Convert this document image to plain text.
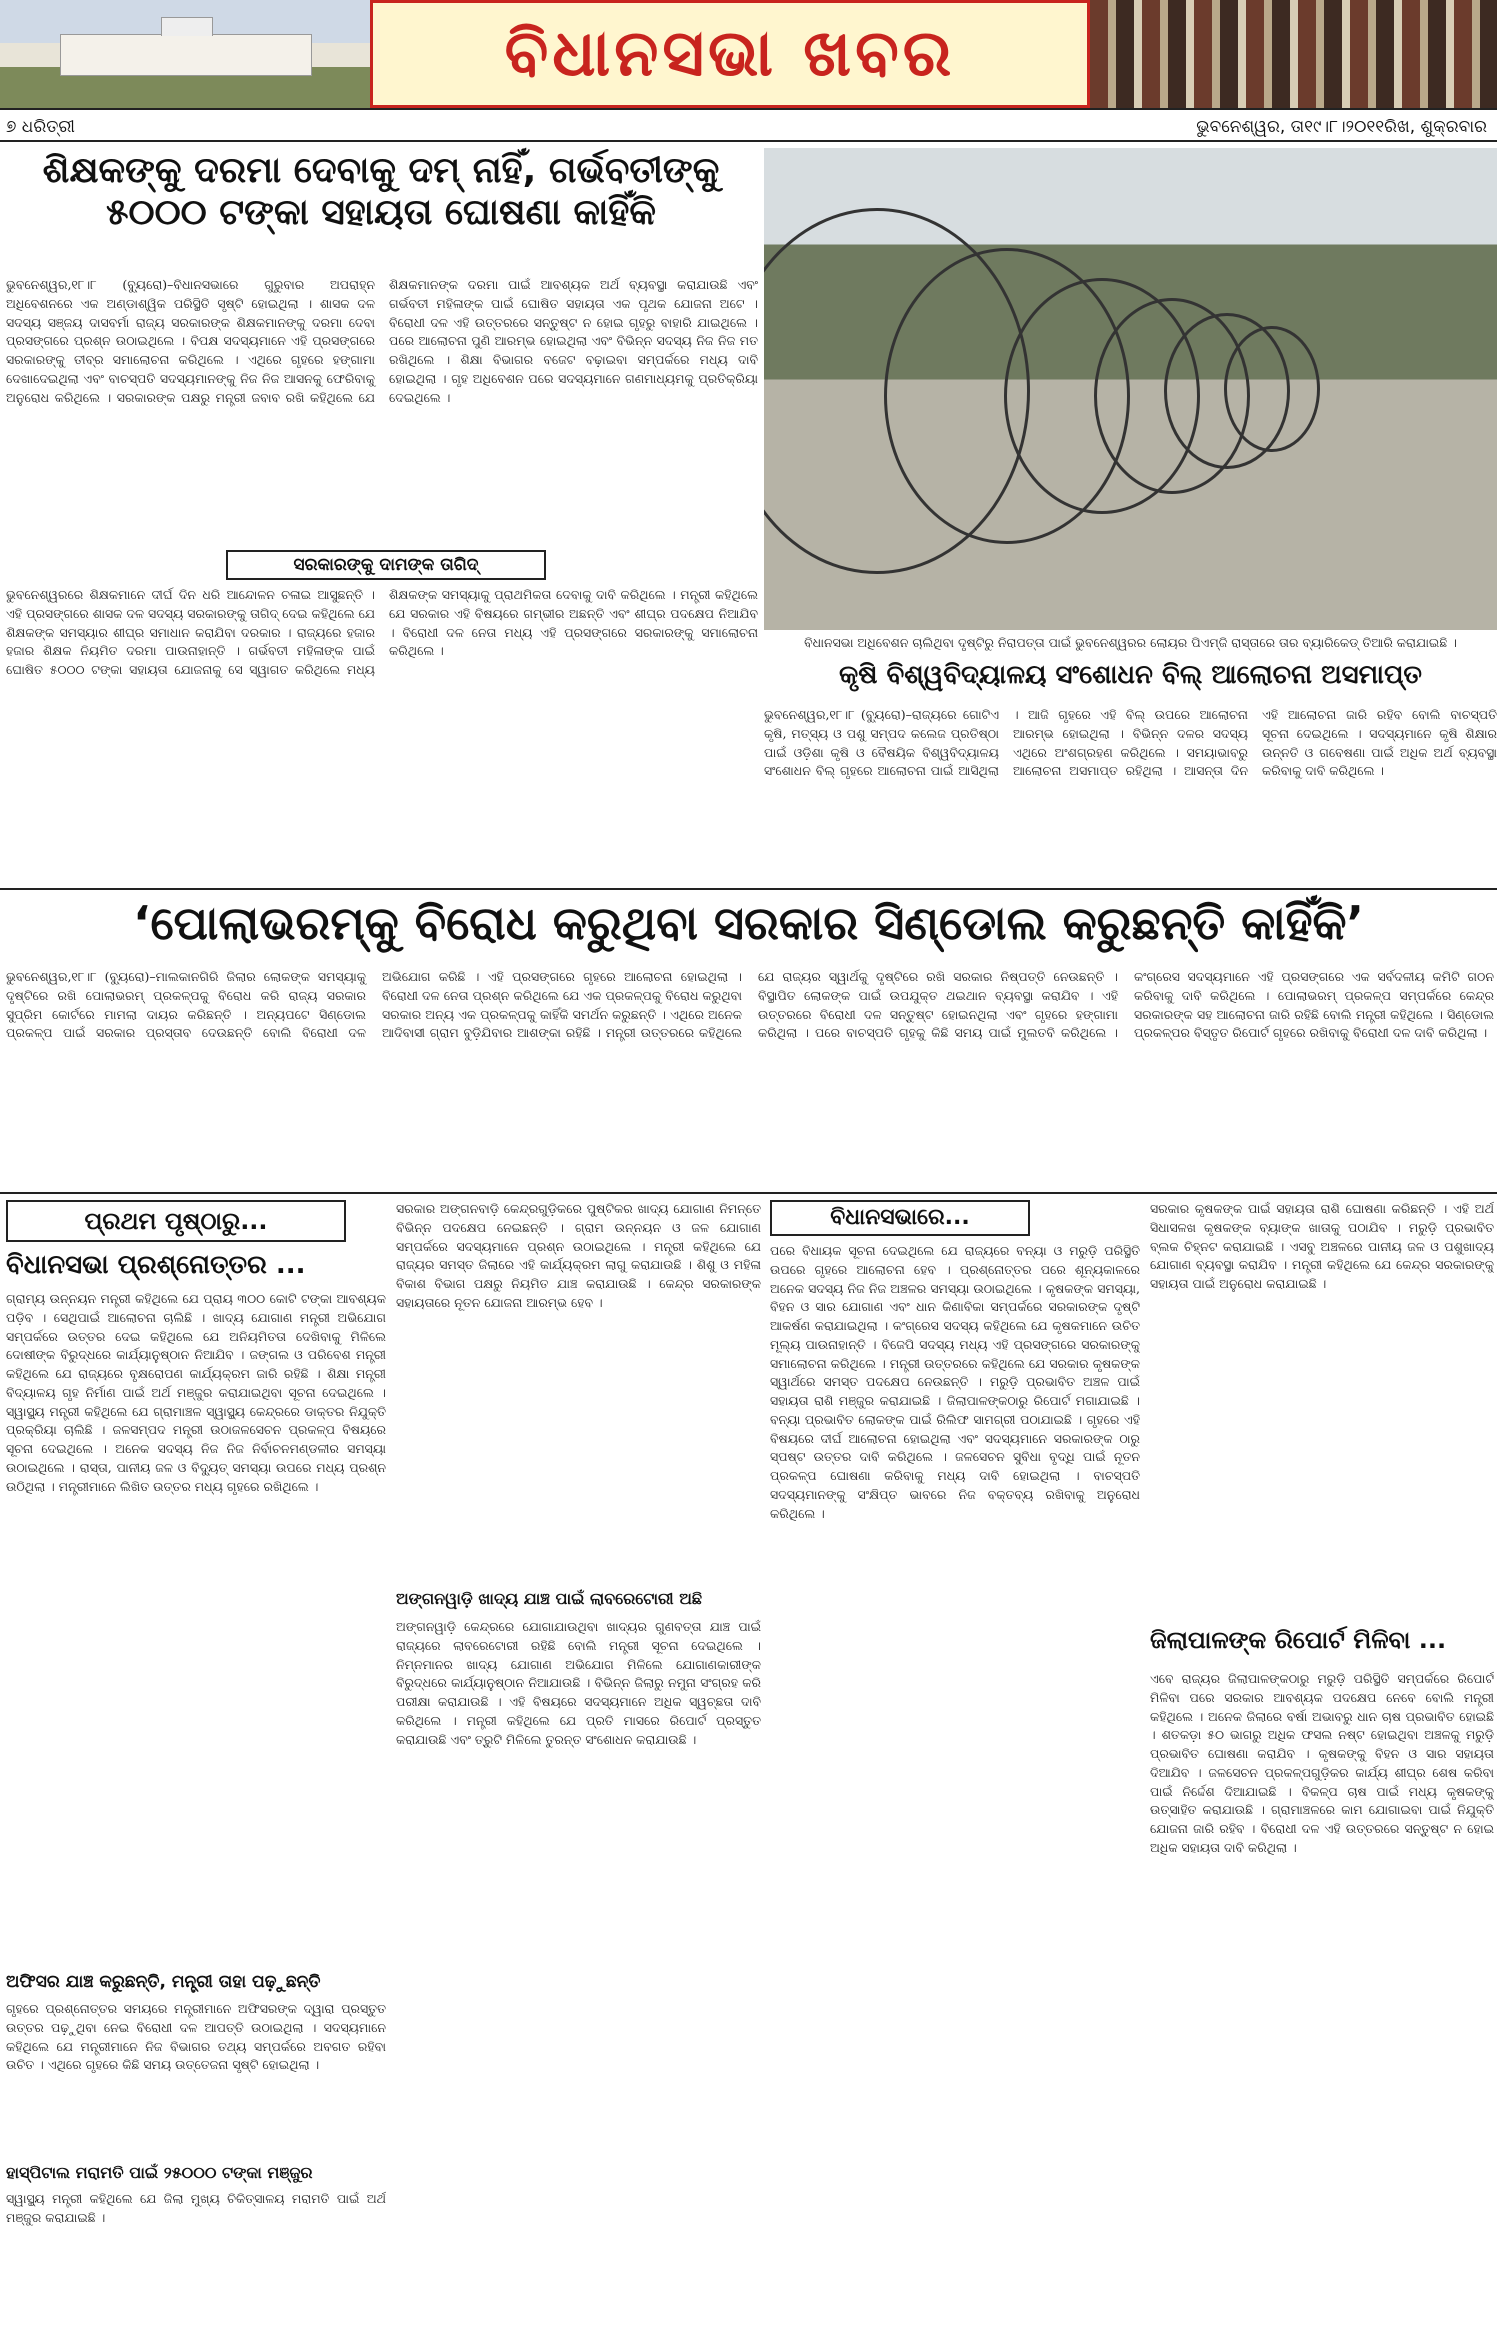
ବିଧାନସଭା ଖବର
୭ ଧରିତ୍ରୀ	ଭୁବନେଶ୍ୱର, ତା୧୯।୮।୨୦୧୧ରିଖ, ଶୁକ୍ରବାର
ଶିକ୍ଷକଙ୍କୁ ଦରମା ଦେବାକୁ ଦମ୍ ନାହିଁ, ଗର୍ଭବତୀଙ୍କୁ ୫୦୦୦ ଟଙ୍କା ସହାୟତା ଘୋଷଣା କାହିଁକି
ଭୁବନେଶ୍ୱର,୧୮।୮ (ବ୍ୟୁରୋ)–ବିଧାନସଭାରେ ଗୁରୁବାର ଅପରାହ୍ନ ଅଧିବେଶନରେ ଏକ ଅଣ୍ଡାଶ୍ୱିକ ପରିସ୍ଥିତି ସୃଷ୍ଟି ହୋଇଥିଲା । ଶାସକ ଦଳ ସଦସ୍ୟ ସଞ୍ଜୟ ଦାସବର୍ମା ରାଜ୍ୟ ସରକାରଙ୍କ ଶିକ୍ଷକମାନଙ୍କୁ ଦରମା ଦେବା ପ୍ରସଙ୍ଗରେ ପ୍ରଶ୍ନ ଉଠାଇଥିଲେ । ବିପକ୍ଷ ସଦସ୍ୟମାନେ ଏହି ପ୍ରସଙ୍ଗରେ ସରକାରଙ୍କୁ ତୀବ୍ର ସମାଲୋଚନା କରିଥିଲେ । ଏଥିରେ ଗୃହରେ ହଙ୍ଗାମା ଦେଖାଦେଇଥିଲା ଏବଂ ବାଚସ୍ପତି ସଦସ୍ୟମାନଙ୍କୁ ନିଜ ନିଜ ଆସନକୁ ଫେରିବାକୁ ଅନୁରୋଧ କରିଥିଲେ । ସରକାରଙ୍କ ପକ୍ଷରୁ ମନ୍ତ୍ରୀ ଜବାବ ରଖି କହିଥିଲେ ଯେ ଶିକ୍ଷକମାନଙ୍କ ଦରମା ପାଇଁ ଆବଶ୍ୟକ ଅର୍ଥ ବ୍ୟବସ୍ଥା କରାଯାଉଛି ଏବଂ ଗର୍ଭବତୀ ମହିଳାଙ୍କ ପାଇଁ ଘୋଷିତ ସହାୟତା ଏକ ପୃଥକ ଯୋଜନା ଅଟେ । ବିରୋଧୀ ଦଳ ଏହି ଉତ୍ତରରେ ସନ୍ତୁଷ୍ଟ ନ ହୋଇ ଗୃହରୁ ବାହାରି ଯାଇଥିଲେ । ପରେ ଆଲୋଚନା ପୁଣି ଆରମ୍ଭ ହୋଇଥିଲା ଏବଂ ବିଭିନ୍ନ ସଦସ୍ୟ ନିଜ ନିଜ ମତ ରଖିଥିଲେ । ଶିକ୍ଷା ବିଭାଗର ବଜେଟ ବଢ଼ାଇବା ସମ୍ପର୍କରେ ମଧ୍ୟ ଦାବି ହୋଇଥିଲା । ଗୃହ ଅଧିବେଶନ ପରେ ସଦସ୍ୟମାନେ ଗଣମାଧ୍ୟମକୁ ପ୍ରତିକ୍ରିୟା ଦେଇଥିଲେ ।
ସରକାରଙ୍କୁ ଦାମଙ୍କ ତାଗିଦ୍
ଭୁବନେଶ୍ୱରରେ ଶିକ୍ଷକମାନେ ଦୀର୍ଘ ଦିନ ଧରି ଆନ୍ଦୋଳନ ଚଳାଇ ଆସୁଛନ୍ତି । ଏହି ପ୍ରସଙ୍ଗରେ ଶାସକ ଦଳ ସଦସ୍ୟ ସରକାରଙ୍କୁ ତାଗିଦ୍ ଦେଇ କହିଥିଲେ ଯେ ଶିକ୍ଷକଙ୍କ ସମସ୍ୟାର ଶୀଘ୍ର ସମାଧାନ କରାଯିବା ଦରକାର । ରାଜ୍ୟରେ ହଜାର ହଜାର ଶିକ୍ଷକ ନିୟମିତ ଦରମା ପାଉନାହାନ୍ତି । ଗର୍ଭବତୀ ମହିଳାଙ୍କ ପାଇଁ ଘୋଷିତ ୫୦୦୦ ଟଙ୍କା ସହାୟତା ଯୋଜନାକୁ ସେ ସ୍ୱାଗତ କରିଥିଲେ ମଧ୍ୟ ଶିକ୍ଷକଙ୍କ ସମସ୍ୟାକୁ ପ୍ରାଥମିକତା ଦେବାକୁ ଦାବି କରିଥିଲେ । ମନ୍ତ୍ରୀ କହିଥିଲେ ଯେ ସରକାର ଏହି ବିଷୟରେ ଗମ୍ଭୀର ଅଛନ୍ତି ଏବଂ ଶୀଘ୍ର ପଦକ୍ଷେପ ନିଆଯିବ । ବିରୋଧୀ ଦଳ ନେତା ମଧ୍ୟ ଏହି ପ୍ରସଙ୍ଗରେ ସରକାରଙ୍କୁ ସମାଲୋଚନା କରିଥିଲେ ।
ବିଧାନସଭା ଅଧିବେଶନ ଚାଲିଥିବା ଦୃଷ୍ଟିରୁ ନିରାପତ୍ତା ପାଇଁ ଭୁବନେଶ୍ୱରର ଲୋୟର ପିଏମ୍‌ଜି ରାସ୍ତାରେ ତାର ବ୍ୟାରିକେଡ୍ ତିଆରି କରାଯାଇଛି ।
କୃଷି ବିଶ୍ୱବିଦ୍ୟାଳୟ ସଂଶୋଧନ ବିଲ୍ ଆଲୋଚନା ଅସମାପ୍ତ
ଭୁବନେଶ୍ୱର,୧୮।୮ (ବ୍ୟୁରୋ)–ରାଜ୍ୟରେ ଗୋଟିଏ କୃଷି, ମତ୍ସ୍ୟ ଓ ପଶୁ ସମ୍ପଦ କଲେଜ ପ୍ରତିଷ୍ଠା ପାଇଁ ଓଡ଼ିଶା କୃଷି ଓ ବୈଷୟିକ ବିଶ୍ୱବିଦ୍ୟାଳୟ ସଂଶୋଧନ ବିଲ୍ ଗୃହରେ ଆଲୋଚନା ପାଇଁ ଆସିଥିଲା । ଆଜି ଗୃହରେ ଏହି ବିଲ୍ ଉପରେ ଆଲୋଚନା ଆରମ୍ଭ ହୋଇଥିଲା । ବିଭିନ୍ନ ଦଳର ସଦସ୍ୟ ଏଥିରେ ଅଂଶଗ୍ରହଣ କରିଥିଲେ । ସମୟାଭାବରୁ ଆଲୋଚନା ଅସମାପ୍ତ ରହିଥିଲା । ଆସନ୍ତା ଦିନ ଏହି ଆଲୋଚନା ଜାରି ରହିବ ବୋଲି ବାଚସ୍ପତି ସୂଚନା ଦେଇଥିଲେ । ସଦସ୍ୟମାନେ କୃଷି ଶିକ୍ଷାର ଉନ୍ନତି ଓ ଗବେଷଣା ପାଇଁ ଅଧିକ ଅର୍ଥ ବ୍ୟବସ୍ଥା କରିବାକୁ ଦାବି କରିଥିଲେ ।
‘ପୋଲାଭରମ୍‌କୁ ବିରୋଧ କରୁଥିବା ସରକାର ସିଣ୍ଡୋଲ କରୁଛନ୍ତି କାହିଁକି’
ଭୁବନେଶ୍ୱର,୧୮।୮ (ବ୍ୟୁରୋ)–ମାଲକାନଗିରି ଜିଲାର ଲୋକଙ୍କ ସମସ୍ୟାକୁ ଦୃଷ୍ଟିରେ ରଖି ପୋଲାଭରମ୍ ପ୍ରକଳ୍ପକୁ ବିରୋଧ କରି ରାଜ୍ୟ ସରକାର ସୁପ୍ରିମ କୋର୍ଟରେ ମାମଲା ଦାୟର କରିଛନ୍ତି । ଅନ୍ୟପଟେ ସିଣ୍ଡୋଲ ପ୍ରକଳ୍ପ ପାଇଁ ସରକାର ପ୍ରସ୍ତାବ ଦେଉଛନ୍ତି ବୋଲି ବିରୋଧୀ ଦଳ ଅଭିଯୋଗ କରିଛି । ଏହି ପ୍ରସଙ୍ଗରେ ଗୃହରେ ଆଲୋଚନା ହୋଇଥିଲା । ବିରୋଧୀ ଦଳ ନେତା ପ୍ରଶ୍ନ କରିଥିଲେ ଯେ ଏକ ପ୍ରକଳ୍ପକୁ ବିରୋଧ କରୁଥିବା ସରକାର ଅନ୍ୟ ଏକ ପ୍ରକଳ୍ପକୁ କାହିଁକି ସମର୍ଥନ କରୁଛନ୍ତି । ଏଥିରେ ଅନେକ ଆଦିବାସୀ ଗ୍ରାମ ବୁଡ଼ିଯିବାର ଆଶଙ୍କା ରହିଛି । ମନ୍ତ୍ରୀ ଉତ୍ତରରେ କହିଥିଲେ ଯେ ରାଜ୍ୟର ସ୍ୱାର୍ଥକୁ ଦୃଷ୍ଟିରେ ରଖି ସରକାର ନିଷ୍ପତ୍ତି ନେଉଛନ୍ତି । ବିସ୍ଥାପିତ ଲୋକଙ୍କ ପାଇଁ ଉପଯୁକ୍ତ ଥଇଥାନ ବ୍ୟବସ୍ଥା କରାଯିବ । ଏହି ଉତ୍ତରରେ ବିରୋଧୀ ଦଳ ସନ୍ତୁଷ୍ଟ ହୋଇନଥିଲା ଏବଂ ଗୃହରେ ହଙ୍ଗାମା କରିଥିଲା । ପରେ ବାଚସ୍ପତି ଗୃହକୁ କିଛି ସମୟ ପାଇଁ ମୁଲତବି କରିଥିଲେ । କଂଗ୍ରେସ ସଦସ୍ୟମାନେ ଏହି ପ୍ରସଙ୍ଗରେ ଏକ ସର୍ବଦଳୀୟ କମିଟି ଗଠନ କରିବାକୁ ଦାବି କରିଥିଲେ । ପୋଲାଭରମ୍ ପ୍ରକଳ୍ପ ସମ୍ପର୍କରେ କେନ୍ଦ୍ର ସରକାରଙ୍କ ସହ ଆଲୋଚନା ଜାରି ରହିଛି ବୋଲି ମନ୍ତ୍ରୀ କହିଥିଲେ । ସିଣ୍ଡୋଲ ପ୍ରକଳ୍ପର ବିସ୍ତୃତ ରିପୋର୍ଟ ଗୃହରେ ରଖିବାକୁ ବିରୋଧୀ ଦଳ ଦାବି କରିଥିଲା ।
ପ୍ରଥମ ପୃଷ୍ଠାରୁ...
ବିଧାନସଭା ପ୍ରଶ୍ନୋତ୍ତର ...
ଗ୍ରାମ୍ୟ ଉନ୍ନୟନ ମନ୍ତ୍ରୀ କହିଥିଲେ ଯେ ପ୍ରାୟ ୩୦୦ କୋଟି ଟଙ୍କା ଆବଶ୍ୟକ ପଡ଼ିବ । ସେଥିପାଇଁ ଆଲୋଚନା ଚାଲିଛି । ଖାଦ୍ୟ ଯୋଗାଣ ମନ୍ତ୍ରୀ ଅଭିଯୋଗ ସମ୍ପର୍କରେ ଉତ୍ତର ଦେଇ କହିଥିଲେ ଯେ ଅନିୟମିତତା ଦେଖିବାକୁ ମିଳିଲେ ଦୋଷୀଙ୍କ ବିରୁଦ୍ଧରେ କାର୍ଯ୍ୟାନୁଷ୍ଠାନ ନିଆଯିବ । ଜଙ୍ଗଲ ଓ ପରିବେଶ ମନ୍ତ୍ରୀ କହିଥିଲେ ଯେ ରାଜ୍ୟରେ ବୃକ୍ଷରୋପଣ କାର୍ଯ୍ୟକ୍ରମ ଜାରି ରହିଛି । ଶିକ୍ଷା ମନ୍ତ୍ରୀ ବିଦ୍ୟାଳୟ ଗୃହ ନିର୍ମାଣ ପାଇଁ ଅର୍ଥ ମଞ୍ଜୁର କରାଯାଇଥିବା ସୂଚନା ଦେଇଥିଲେ । ସ୍ୱାସ୍ଥ୍ୟ ମନ୍ତ୍ରୀ କହିଥିଲେ ଯେ ଗ୍ରାମାଞ୍ଚଳ ସ୍ୱାସ୍ଥ୍ୟ କେନ୍ଦ୍ରରେ ଡାକ୍ତର ନିଯୁକ୍ତି ପ୍ରକ୍ରିୟା ଚାଲିଛି । ଜଳସମ୍ପଦ ମନ୍ତ୍ରୀ ଉଠାଜଳସେଚନ ପ୍ରକଳ୍ପ ବିଷୟରେ ସୂଚନା ଦେଇଥିଲେ । ଅନେକ ସଦସ୍ୟ ନିଜ ନିଜ ନିର୍ବାଚନମଣ୍ଡଳୀର ସମସ୍ୟା ଉଠାଇଥିଲେ । ରାସ୍ତା, ପାନୀୟ ଜଳ ଓ ବିଦ୍ୟୁତ୍ ସମସ୍ୟା ଉପରେ ମଧ୍ୟ ପ୍ରଶ୍ନ ଉଠିଥିଲା । ମନ୍ତ୍ରୀମାନେ ଲିଖିତ ଉତ୍ତର ମଧ୍ୟ ଗୃହରେ ରଖିଥିଲେ ।
ଅଫିସର ଯାଞ୍ଚ କରୁଛନ୍ତି, ମନ୍ତ୍ରୀ ତାହା ପଢ଼ୁଛନ୍ତି
ଗୃହରେ ପ୍ରଶ୍ନୋତ୍ତର ସମୟରେ ମନ୍ତ୍ରୀମାନେ ଅଫିସରଙ୍କ ଦ୍ୱାରା ପ୍ରସ୍ତୁତ ଉତ୍ତର ପଢ଼ୁଥିବା ନେଇ ବିରୋଧୀ ଦଳ ଆପତ୍ତି ଉଠାଇଥିଲା । ସଦସ୍ୟମାନେ କହିଥିଲେ ଯେ ମନ୍ତ୍ରୀମାନେ ନିଜ ବିଭାଗର ତଥ୍ୟ ସମ୍ପର୍କରେ ଅବଗତ ରହିବା ଉଚିତ । ଏଥିରେ ଗୃହରେ କିଛି ସମୟ ଉତ୍ତେଜନା ସୃଷ୍ଟି ହୋଇଥିଲା ।
ହାସ୍‌ପିଟାଲ ମରାମତି ପାଇଁ ୨୫୦୦୦ ଟଙ୍କା ମଞ୍ଜୁର
ସ୍ୱାସ୍ଥ୍ୟ ମନ୍ତ୍ରୀ କହିଥିଲେ ଯେ ଜିଲା ମୁଖ୍ୟ ଚିକିତ୍ସାଳୟ ମରାମତି ପାଇଁ ଅର୍ଥ ମଞ୍ଜୁର କରାଯାଇଛି ।
ସରକାର ଅଙ୍ଗନବାଡ଼ି କେନ୍ଦ୍ରଗୁଡ଼ିକରେ ପୁଷ୍ଟିକର ଖାଦ୍ୟ ଯୋଗାଣ ନିମନ୍ତେ ବିଭିନ୍ନ ପଦକ୍ଷେପ ନେଇଛନ୍ତି । ଗ୍ରାମ ଉନ୍ନୟନ ଓ ଜଳ ଯୋଗାଣ ସମ୍ପର୍କରେ ସଦସ୍ୟମାନେ ପ୍ରଶ୍ନ ଉଠାଇଥିଲେ । ମନ୍ତ୍ରୀ କହିଥିଲେ ଯେ ରାଜ୍ୟର ସମସ୍ତ ଜିଲାରେ ଏହି କାର୍ଯ୍ୟକ୍ରମ ଲାଗୁ କରାଯାଉଛି । ଶିଶୁ ଓ ମହିଳା ବିକାଶ ବିଭାଗ ପକ୍ଷରୁ ନିୟମିତ ଯାଞ୍ଚ କରାଯାଉଛି । କେନ୍ଦ୍ର ସରକାରଙ୍କ ସହାୟତାରେ ନୂତନ ଯୋଜନା ଆରମ୍ଭ ହେବ ।
ଅଙ୍ଗନୱାଡ଼ି ଖାଦ୍ୟ ଯାଞ୍ଚ ପାଇଁ ଲାବରେଟୋରୀ ଅଛି
ଅଙ୍ଗନୱାଡ଼ି କେନ୍ଦ୍ରରେ ଯୋଗାଯାଉଥିବା ଖାଦ୍ୟର ଗୁଣବତ୍ତା ଯାଞ୍ଚ ପାଇଁ ରାଜ୍ୟରେ ଲାବରେଟୋରୀ ରହିଛି ବୋଲି ମନ୍ତ୍ରୀ ସୂଚନା ଦେଇଥିଲେ । ନିମ୍ନମାନର ଖାଦ୍ୟ ଯୋଗାଣ ଅଭିଯୋଗ ମିଳିଲେ ଯୋଗାଣକାରୀଙ୍କ ବିରୁଦ୍ଧରେ କାର୍ଯ୍ୟାନୁଷ୍ଠାନ ନିଆଯାଉଛି । ବିଭିନ୍ନ ଜିଲାରୁ ନମୁନା ସଂଗ୍ରହ କରି ପରୀକ୍ଷା କରାଯାଉଛି । ଏହି ବିଷୟରେ ସଦସ୍ୟମାନେ ଅଧିକ ସ୍ୱଚ୍ଛତା ଦାବି କରିଥିଲେ । ମନ୍ତ୍ରୀ କହିଥିଲେ ଯେ ପ୍ରତି ମାସରେ ରିପୋର୍ଟ ପ୍ରସ୍ତୁତ କରାଯାଉଛି ଏବଂ ତ୍ରୁଟି ମିଳିଲେ ତୁରନ୍ତ ସଂଶୋଧନ କରାଯାଉଛି ।
ବିଧାନସଭାରେ...
ପରେ ବିଧାୟକ ସୂଚନା ଦେଇଥିଲେ ଯେ ରାଜ୍ୟରେ ବନ୍ୟା ଓ ମରୁଡ଼ି ପରିସ୍ଥିତି ଉପରେ ଗୃହରେ ଆଲୋଚନା ହେବ । ପ୍ରଶ୍ନୋତ୍ତର ପରେ ଶୂନ୍ୟକାଳରେ ଅନେକ ସଦସ୍ୟ ନିଜ ନିଜ ଅଞ୍ଚଳର ସମସ୍ୟା ଉଠାଇଥିଲେ । କୃଷକଙ୍କ ସମସ୍ୟା, ବିହନ ଓ ସାର ଯୋଗାଣ ଏବଂ ଧାନ କିଣାବିକା ସମ୍ପର୍କରେ ସରକାରଙ୍କ ଦୃଷ୍ଟି ଆକର୍ଷଣ କରାଯାଇଥିଲା । କଂଗ୍ରେସ ସଦସ୍ୟ କହିଥିଲେ ଯେ କୃଷକମାନେ ଉଚିତ ମୂଲ୍ୟ ପାଉନାହାନ୍ତି । ବିଜେପି ସଦସ୍ୟ ମଧ୍ୟ ଏହି ପ୍ରସଙ୍ଗରେ ସରକାରଙ୍କୁ ସମାଲୋଚନା କରିଥିଲେ । ମନ୍ତ୍ରୀ ଉତ୍ତରରେ କହିଥିଲେ ଯେ ସରକାର କୃଷକଙ୍କ ସ୍ୱାର୍ଥରେ ସମସ୍ତ ପଦକ୍ଷେପ ନେଉଛନ୍ତି । ମରୁଡ଼ି ପ୍ରଭାବିତ ଅଞ୍ଚଳ ପାଇଁ ସହାୟତା ରାଶି ମଞ୍ଜୁର କରାଯାଇଛି । ଜିଲାପାଳଙ୍କଠାରୁ ରିପୋର୍ଟ ମଗାଯାଇଛି । ବନ୍ୟା ପ୍ରଭାବିତ ଲୋକଙ୍କ ପାଇଁ ରିଲିଫ ସାମଗ୍ରୀ ପଠାଯାଇଛି । ଗୃହରେ ଏହି ବିଷୟରେ ଦୀର୍ଘ ଆଲୋଚନା ହୋଇଥିଲା ଏବଂ ସଦସ୍ୟମାନେ ସରକାରଙ୍କ ଠାରୁ ସ୍ପଷ୍ଟ ଉତ୍ତର ଦାବି କରିଥିଲେ । ଜଳସେଚନ ସୁବିଧା ବୃଦ୍ଧି ପାଇଁ ନୂତନ ପ୍ରକଳ୍ପ ଘୋଷଣା କରିବାକୁ ମଧ୍ୟ ଦାବି ହୋଇଥିଲା । ବାଚସ୍ପତି ସଦସ୍ୟମାନଙ୍କୁ ସଂକ୍ଷିପ୍ତ ଭାବରେ ନିଜ ବକ୍ତବ୍ୟ ରଖିବାକୁ ଅନୁରୋଧ କରିଥିଲେ ।
ସରକାର କୃଷକଙ୍କ ପାଇଁ ସହାୟତା ରାଶି ଘୋଷଣା କରିଛନ୍ତି । ଏହି ଅର୍ଥ ସିଧାସଳଖ କୃଷକଙ୍କ ବ୍ୟାଙ୍କ ଖାତାକୁ ପଠାଯିବ । ମରୁଡ଼ି ପ୍ରଭାବିତ ବ୍ଲକ ଚିହ୍ନଟ କରାଯାଇଛି । ଏସବୁ ଅଞ୍ଚଳରେ ପାନୀୟ ଜଳ ଓ ପଶୁଖାଦ୍ୟ ଯୋଗାଣ ବ୍ୟବସ୍ଥା କରାଯିବ । ମନ୍ତ୍ରୀ କହିଥିଲେ ଯେ କେନ୍ଦ୍ର ସରକାରଙ୍କୁ ସହାୟତା ପାଇଁ ଅନୁରୋଧ କରାଯାଇଛି ।
ଜିଲାପାଳଙ୍କ ରିପୋର୍ଟ ମିଳିବା ...
ଏବେ ରାଜ୍ୟର ଜିଲାପାଳଙ୍କଠାରୁ ମରୁଡ଼ି ପରିସ୍ଥିତି ସମ୍ପର୍କରେ ରିପୋର୍ଟ ମିଳିବା ପରେ ସରକାର ଆବଶ୍ୟକ ପଦକ୍ଷେପ ନେବେ ବୋଲି ମନ୍ତ୍ରୀ କହିଥିଲେ । ଅନେକ ଜିଲାରେ ବର୍ଷା ଅଭାବରୁ ଧାନ ଚାଷ ପ୍ରଭାବିତ ହୋଇଛି । ଶତକଡ଼ା ୫୦ ଭାଗରୁ ଅଧିକ ଫସଲ ନଷ୍ଟ ହୋଇଥିବା ଅଞ୍ଚଳକୁ ମରୁଡ଼ି ପ୍ରଭାବିତ ଘୋଷଣା କରାଯିବ । କୃଷକଙ୍କୁ ବିହନ ଓ ସାର ସହାୟତା ଦିଆଯିବ । ଜଳସେଚନ ପ୍ରକଳ୍ପଗୁଡ଼ିକର କାର୍ଯ୍ୟ ଶୀଘ୍ର ଶେଷ କରିବା ପାଇଁ ନିର୍ଦ୍ଦେଶ ଦିଆଯାଇଛି । ବିକଳ୍ପ ଚାଷ ପାଇଁ ମଧ୍ୟ କୃଷକଙ୍କୁ ଉତ୍ସାହିତ କରାଯାଉଛି । ଗ୍ରାମାଞ୍ଚଳରେ କାମ ଯୋଗାଇବା ପାଇଁ ନିଯୁକ୍ତି ଯୋଜନା ଜାରି ରହିବ । ବିରୋଧୀ ଦଳ ଏହି ଉତ୍ତରରେ ସନ୍ତୁଷ୍ଟ ନ ହୋଇ ଅଧିକ ସହାୟତା ଦାବି କରିଥିଲା ।
